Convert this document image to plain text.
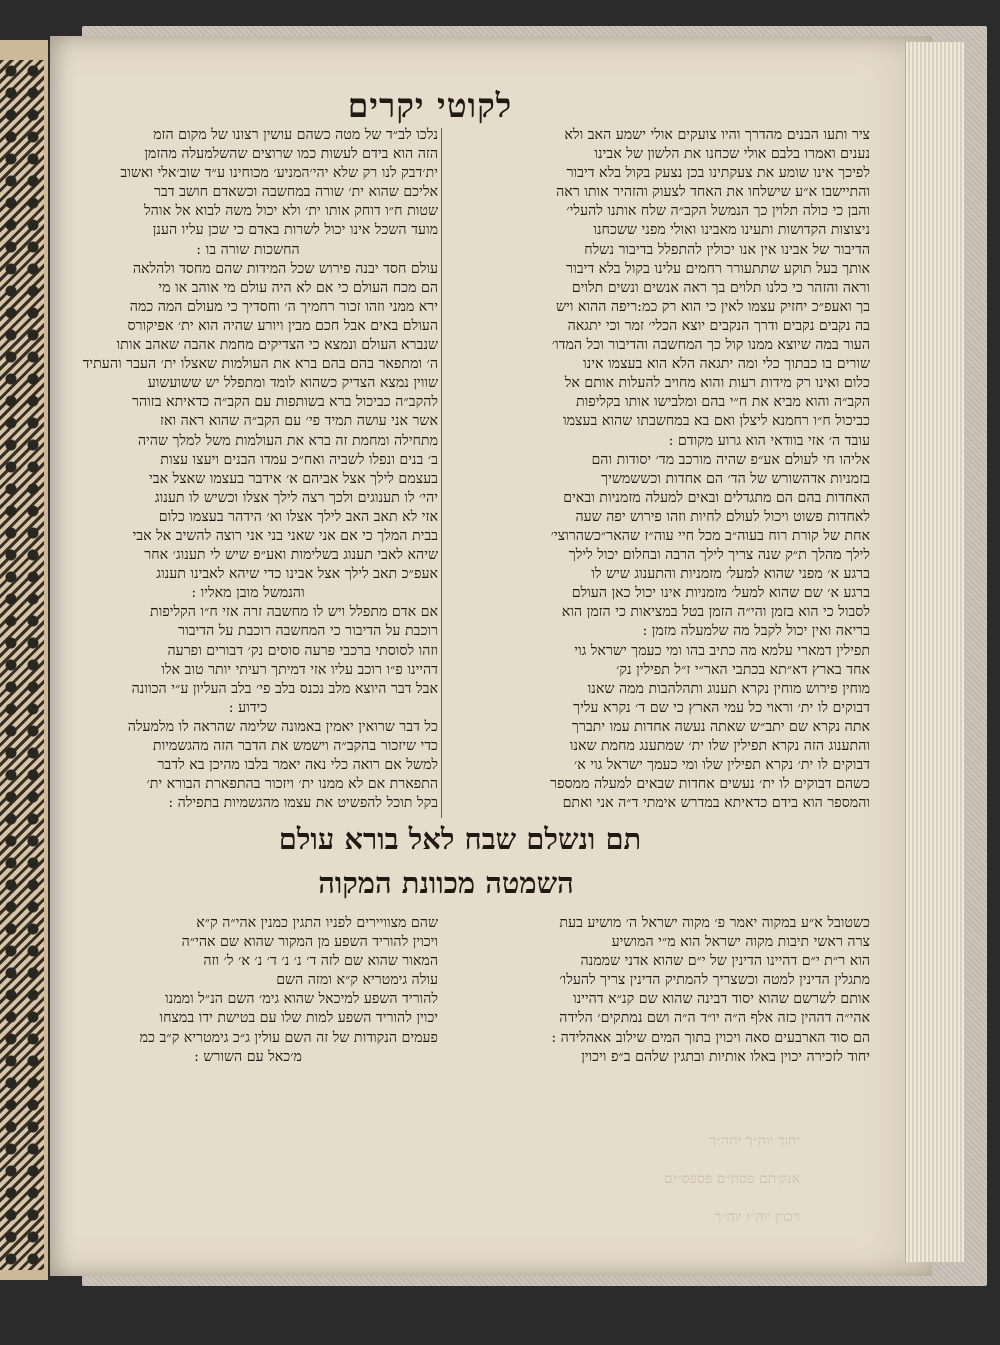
לקוטי יקרים

ציר ותעו הבנים מהדרך והיו צועקים אולי ישמע האב ולא

נענים ואמרו בלבם אולי שכחנו את הלשון של אבינו

לפיכך אינו שומע את צעקתינו בכן נצעק בקול בלא דיבור

והתיישבו א״ע שישלחו את האחד לצעוק והזהיר אותו ראה

והבן כי כולה תלוין כך הנמשל הקב״ה שלח אותנו להעלי׳

ניצוצות הקדושות ותעינו מאבינו ואולי מפני ששכחנו

הדיבור של אבינו אין אנו יכולין להתפלל בדיבור נשלח

אותך בעל תוקע שתתעורר רחמים עלינו בקול בלא דיבור

וראה והזהר כי כלנו תלוים בך ראה אנשים ונשים תלוים

בך ואעפ״כ יחזיק עצמו לאין כי הוא רק כמ:ריפה ההוא ויש

בה נקבים נקבים ודרך הנקבים יוצא הכלי׳ זמר וכי יתגאה

העור במה שיוצא ממנו קול כך המחשבה והדיבור וכל המדו׳

שורים בו כבתוך כלי ומה יתגאה הלא הוא בעצמו אינו

כלום ואינו רק מידות רעות והוא מחויב להעלות אותם אל

הקב״ה והוא מביא את ח״י בהם ומלבישו אותו בקליפות

כביכול ח״ו רחמנא ליצלן ואם בא במחשבתו שהוא בעצמו

עובד ה׳ אזי בוודאי הוא גרוע מקודם :

אליהו חי לעולם אע״פ שהיה מורכב מד׳ יסודות והם

בזמניות אדהשורש של הד׳ הם אחדות וכששמשיך

האחדות בהם הם מתגדלים ובאים למעלה מזמניות ובאים

לאחדות פשוט ויכול לעולם לחיות וזהו פירוש יפה שעה

אחת של קורת רוח בעוה״ב מכל חיי עוה״ז שהאר״כשהרוצי׳

לילך מהלך ת״ק שנה צריך לילך הרבה ובחלום יכול לילך

ברגע א׳ מפני שהוא למעל׳ מזמניות והתענוג שיש לו

ברגע א׳ שם שהוא למעל׳ מזמניות אינו יכול כאן העולם

לסבול כי הוא בזמן והי״ה הזמן בטל במציאות כי הזמן הוא

בריאה ואין יכול לקבל מה שלמעלה מזמן :

תפילין דמארי עלמא מה כתיב בהו ומי כעמך ישראל גוי

אחד בארץ דא״תא בכתבי האר״י ז״ל תפילין נק׳

מוחין פירוש מוחין נקרא תענוג ותהלהבות ממה שאנו

דבוקים לו ית׳ וראוי כל עמי הארץ כי שם ד׳ נקרא עליך

אתה נקרא שם יתב״ש שאתה נעשה אחדות עמו יתברך

והתענוג הזה נקרא תפילין שלו ית׳ שמתענג מחמת שאנו

דבוקים לו ית׳ נקרא תפילין שלו ומי כעמך ישראל גוי א׳

כשהם דבוקים לו ית׳ נעשים אחדות שבאים למעלה ממספר

והמספר הוא בידם כדאיתא במדרש אימתי ד״ה אני ואתם

נלכו לב״ד של מטה כשהם עושין רצונו של מקום הזמ

הזה הוא בידם לעשות כמו שרוצים שהשלמעלה מהזמן

ית׳דבק לנו רק שלא יהי׳המניע׳ מכוחינו ע״ד שוב׳אלי ואשוב

אליכם שהוא ית׳ שורה במחשבה וכשאדם חושב דבר

שטות ח״ו דוחק אותו ית׳ ולא יכול משה לבוא אל אוהל

מועד השכל אינו יכול לשרות באדם כי שכן עליו הענן

החשכות שורה בו :

עולם חסד יבנה פירוש שכל המידות שהם מחסד ולהלאה

הם מכח העולם כי אם לא היה עולם מי אוהב או מי

ירא ממני וזהו זכור רחמיך ה׳ וחסדיך כי מעולם המה כמה

העולם באים אבל חכם מבין ויורע שהיה הוא ית׳ אפיקורס

שנברא העולם ונמצא כי הצדיקים מחמת אהבה שאהב אותו

ה׳ ומתפאר בהם בהם ברא את העולמות שאצלו ית׳ העבר והעתיד

שווין נמצא הצדיק כשהוא לומד ומתפלל יש ששועשוע

להקב״ה כביכול ברא בשותפות עם הקב״ה כדאיתא בזוהר

אשר אני עושה תמיד פי׳ עם הקב״ה שהוא ראה ואז

מתחילה ומחמת זה ברא את העולמות משל למלך שהיה

ב׳ בנים ונפלו לשביה ואח״כ עמדו הבנים ויעצו עצות

בעצמם לילך אצל אביהם א׳ אידבר בעצמו שאצל אבי

יהי׳ לו תענוגים ולכך רצה לילך אצלו וכשיש לו תענוג

אזי לא תאב האב לילך אצלו וא׳ הידהר בעצמו כלום

בבית המלך כי אם אני שאני בני אני רוצה להשיב אל אבי

שיהא לאבי תענוג בשלימות ואע״פ שיש לי תענוג׳ אחר

אעפ״כ תאב לילך אצל אבינו כדי שיהא לאבינו תענוג

והנמשל מובן מאליו :

אם אדם מתפלל ויש לו מחשבה זרה אזי ח״ו הקליפות

רוכבת על הדיבור כי המחשבה רוכבת על הדיבור

וזהו לסוסתי ברכבי פרעה סוסים נק׳ דבורים ופרעה

דהיינו פ״ו רוכב עליו אזי דמיתך רעיתי יותר טוב אלו

אבל דבר היוצא מלב נכנס בלב פי׳ בלב העליון ע״י הכוונה

כידוע :

כל דבר שרואין יאמין באמונה שלימה שהראה לו מלמעלה

כדי שיזכור בהקב״ה וישמש את הדבר הזה מהגשמיות

למשל אם רואה כלי נאה יאמר בלבו מהיכן בא לדבר

התפארת אם לא ממנו ית׳ ויזכור בהתפארת הבורא ית׳

בקל תוכל להפשיט את עצמו מהגשמיות בתפילה :

תם ונשלם שבח לאל בורא עולם
השמטה מכוונת המקוה

כשטובל א״ע במקוה יאמר פ׳ מקוה ישראל ה׳ מושיע בעת

צרה ראשי תיבות מקוה ישראל הוא מ״י המושיע

הוא ר״ת י״ם דהיינו הדינין של י״ם שהוא אדני שממנה

מתגלין הדינין למטה וכשצריך להמתיק הדינין צריך להעלו׳

אותם לשרשם שהוא יסוד דבינה שהוא שם קנ״א דהיינו

אהי״ה דההין כזה אלף ה״ה יו״ד ה״ה ושם נמתקים׳ הלידה

הם סוד הארבעים סאה ויכוין בתוך המים שילוב אאהלידה :

יחוד לזכירה יכוין באלו אותיות ובתגין שלהם ב״פ ויכוין

שהם מצוויירים לפניו התגין כמנין אהי״ה ק״א

ויכוין להוריד השפע מן המקור שהוא שם אהי״ה

המאור שהוא שם לזה ד׳ נ׳ נ׳ ד׳ נ׳ א׳ ל׳ וזה

עולה גימטריא ק״א ומזה השם

להוריד השפע למיכאל שהוא גימ׳ השם הנ״ל וממנו

יכוין להוריד השפע למות שלו עם בטישת ידו במצחו

פעמים הנקודות של זה השם עולין ג״כ גימטריא ק״ב כמ

מ׳כאל עם השורש :

יחוד יוה״ך יחה״ך

אנק׳תם פסת״ם פספס״ים

ויכוין יוה״ו יוה״ך
